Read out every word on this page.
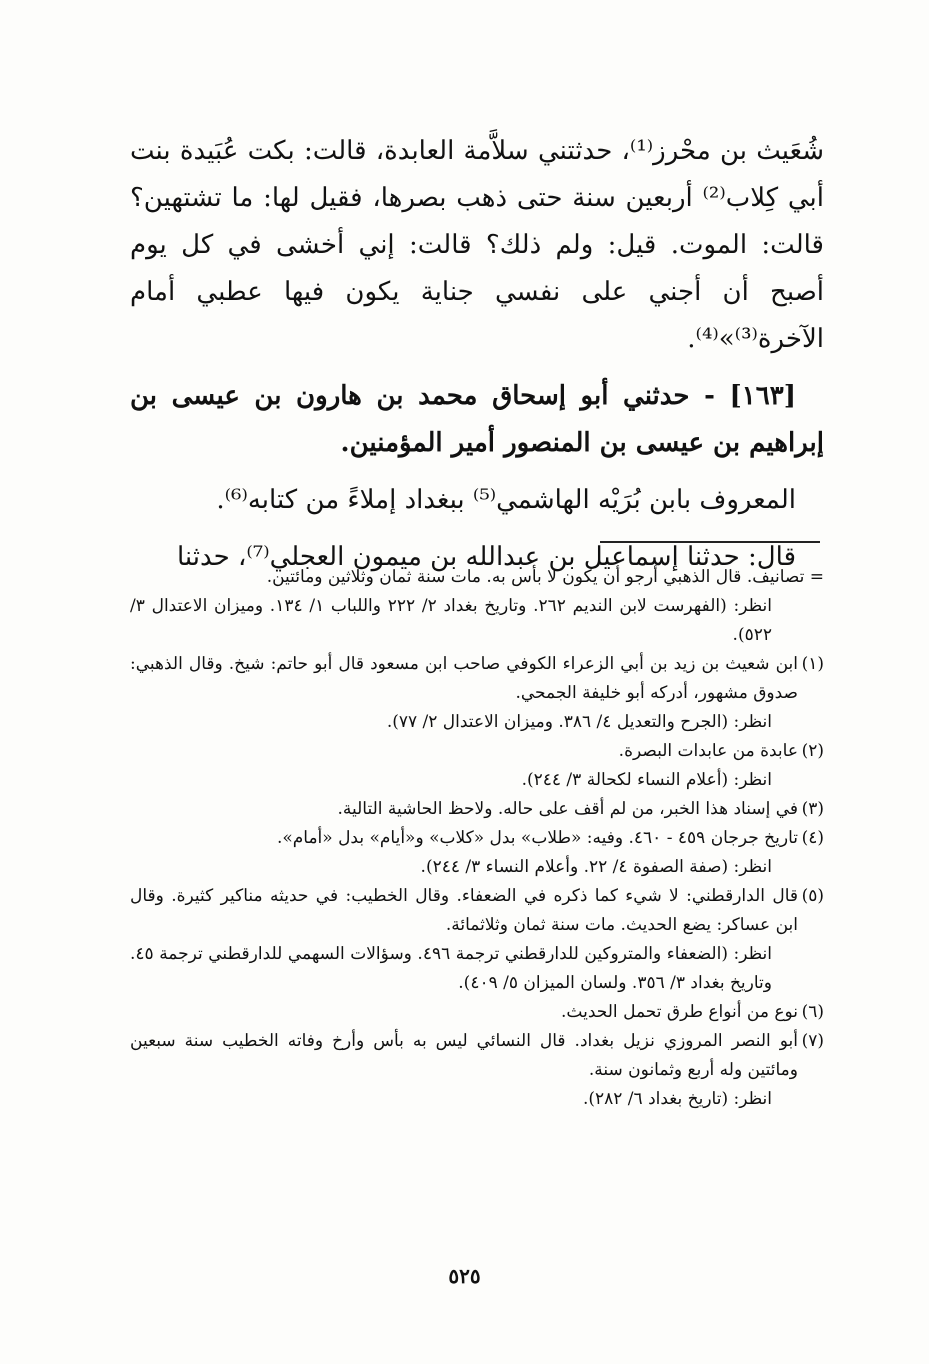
شُعَيث بن محْرز⁽¹⁾، حدثتني سلاَّمة العابدة، قالت: بكت عُبَيدة بنت أبي كِلاب⁽²⁾ أربعين سنة حتى ذهب بصرها، فقيل لها: ما تشتهين؟ قالت: الموت. قيل: ولم ذلك؟ قالت: إني أخشى في كل يوم أصبح أن أجني على نفسي جناية يكون فيها عطبي أمام الآخرة⁽³⁾»⁽⁴⁾.

[١٦٣] - حدثني أبو إسحاق محمد بن هارون بن عيسى بن إبراهيم بن عيسى بن المنصور أمير المؤمنين.

المعروف بابن بُرَيْه الهاشمي⁽⁵⁾ ببغداد إملاءً من كتابه⁽⁶⁾.

قال: حدثنا إسماعيل بن عبدالله بن ميمون العجلي⁽⁷⁾، حدثنا

= تصانيف. قال الذهبي أرجو أن يكون لا بأس به. مات سنة ثمان وثلاثين ومائتين.

انظر: (الفهرست لابن النديم ٢٦٢. وتاريخ بغداد ٢/ ٢٢٢ واللباب ١/ ١٣٤. وميزان الاعتدال ٣/ ٥٢٢).

(١)ابن شعيث بن زيد بن أبي الزعراء الكوفي صاحب ابن مسعود قال أبو حاتم: شيخ. وقال الذهبي: صدوق مشهور، أدركه أبو خليفة الجمحي.

انظر: (الجرح والتعديل ٤/ ٣٨٦. وميزان الاعتدال ٢/ ٧٧).

(٢)عابدة من عابدات البصرة.

انظر: (أعلام النساء لكحالة ٣/ ٢٤٤).

(٣)في إسناد هذا الخبر، من لم أقف على حاله. ولاحظ الحاشية التالية.

(٤)تاريخ جرجان ٤٥٩ - ٤٦٠. وفيه: «طلاب» بدل «كلاب» و«أيام» بدل «أمام».

انظر: (صفة الصفوة ٤/ ٢٢. وأعلام النساء ٣/ ٢٤٤).

(٥)قال الدارقطني: لا شيء كما ذكره في الضعفاء. وقال الخطيب: في حديثه مناكير كثيرة. وقال ابن عساكر: يضع الحديث. مات سنة ثمان وثلاثمائة.

انظر: (الضعفاء والمتروكين للدارقطني ترجمة ٤٩٦. وسؤالات السهمي للدارقطني ترجمة ٤٥. وتاريخ بغداد ٣/ ٣٥٦. ولسان الميزان ٥/ ٤٠٩).

(٦)نوع من أنواع طرق تحمل الحديث.

(٧)أبو النصر المروزي نزيل بغداد. قال النسائي ليس به بأس وأرخ وفاته الخطيب سنة سبعين ومائتين وله أربع وثمانون سنة.

انظر: (تاريخ بغداد ٦/ ٢٨٢).

٥٢٥
